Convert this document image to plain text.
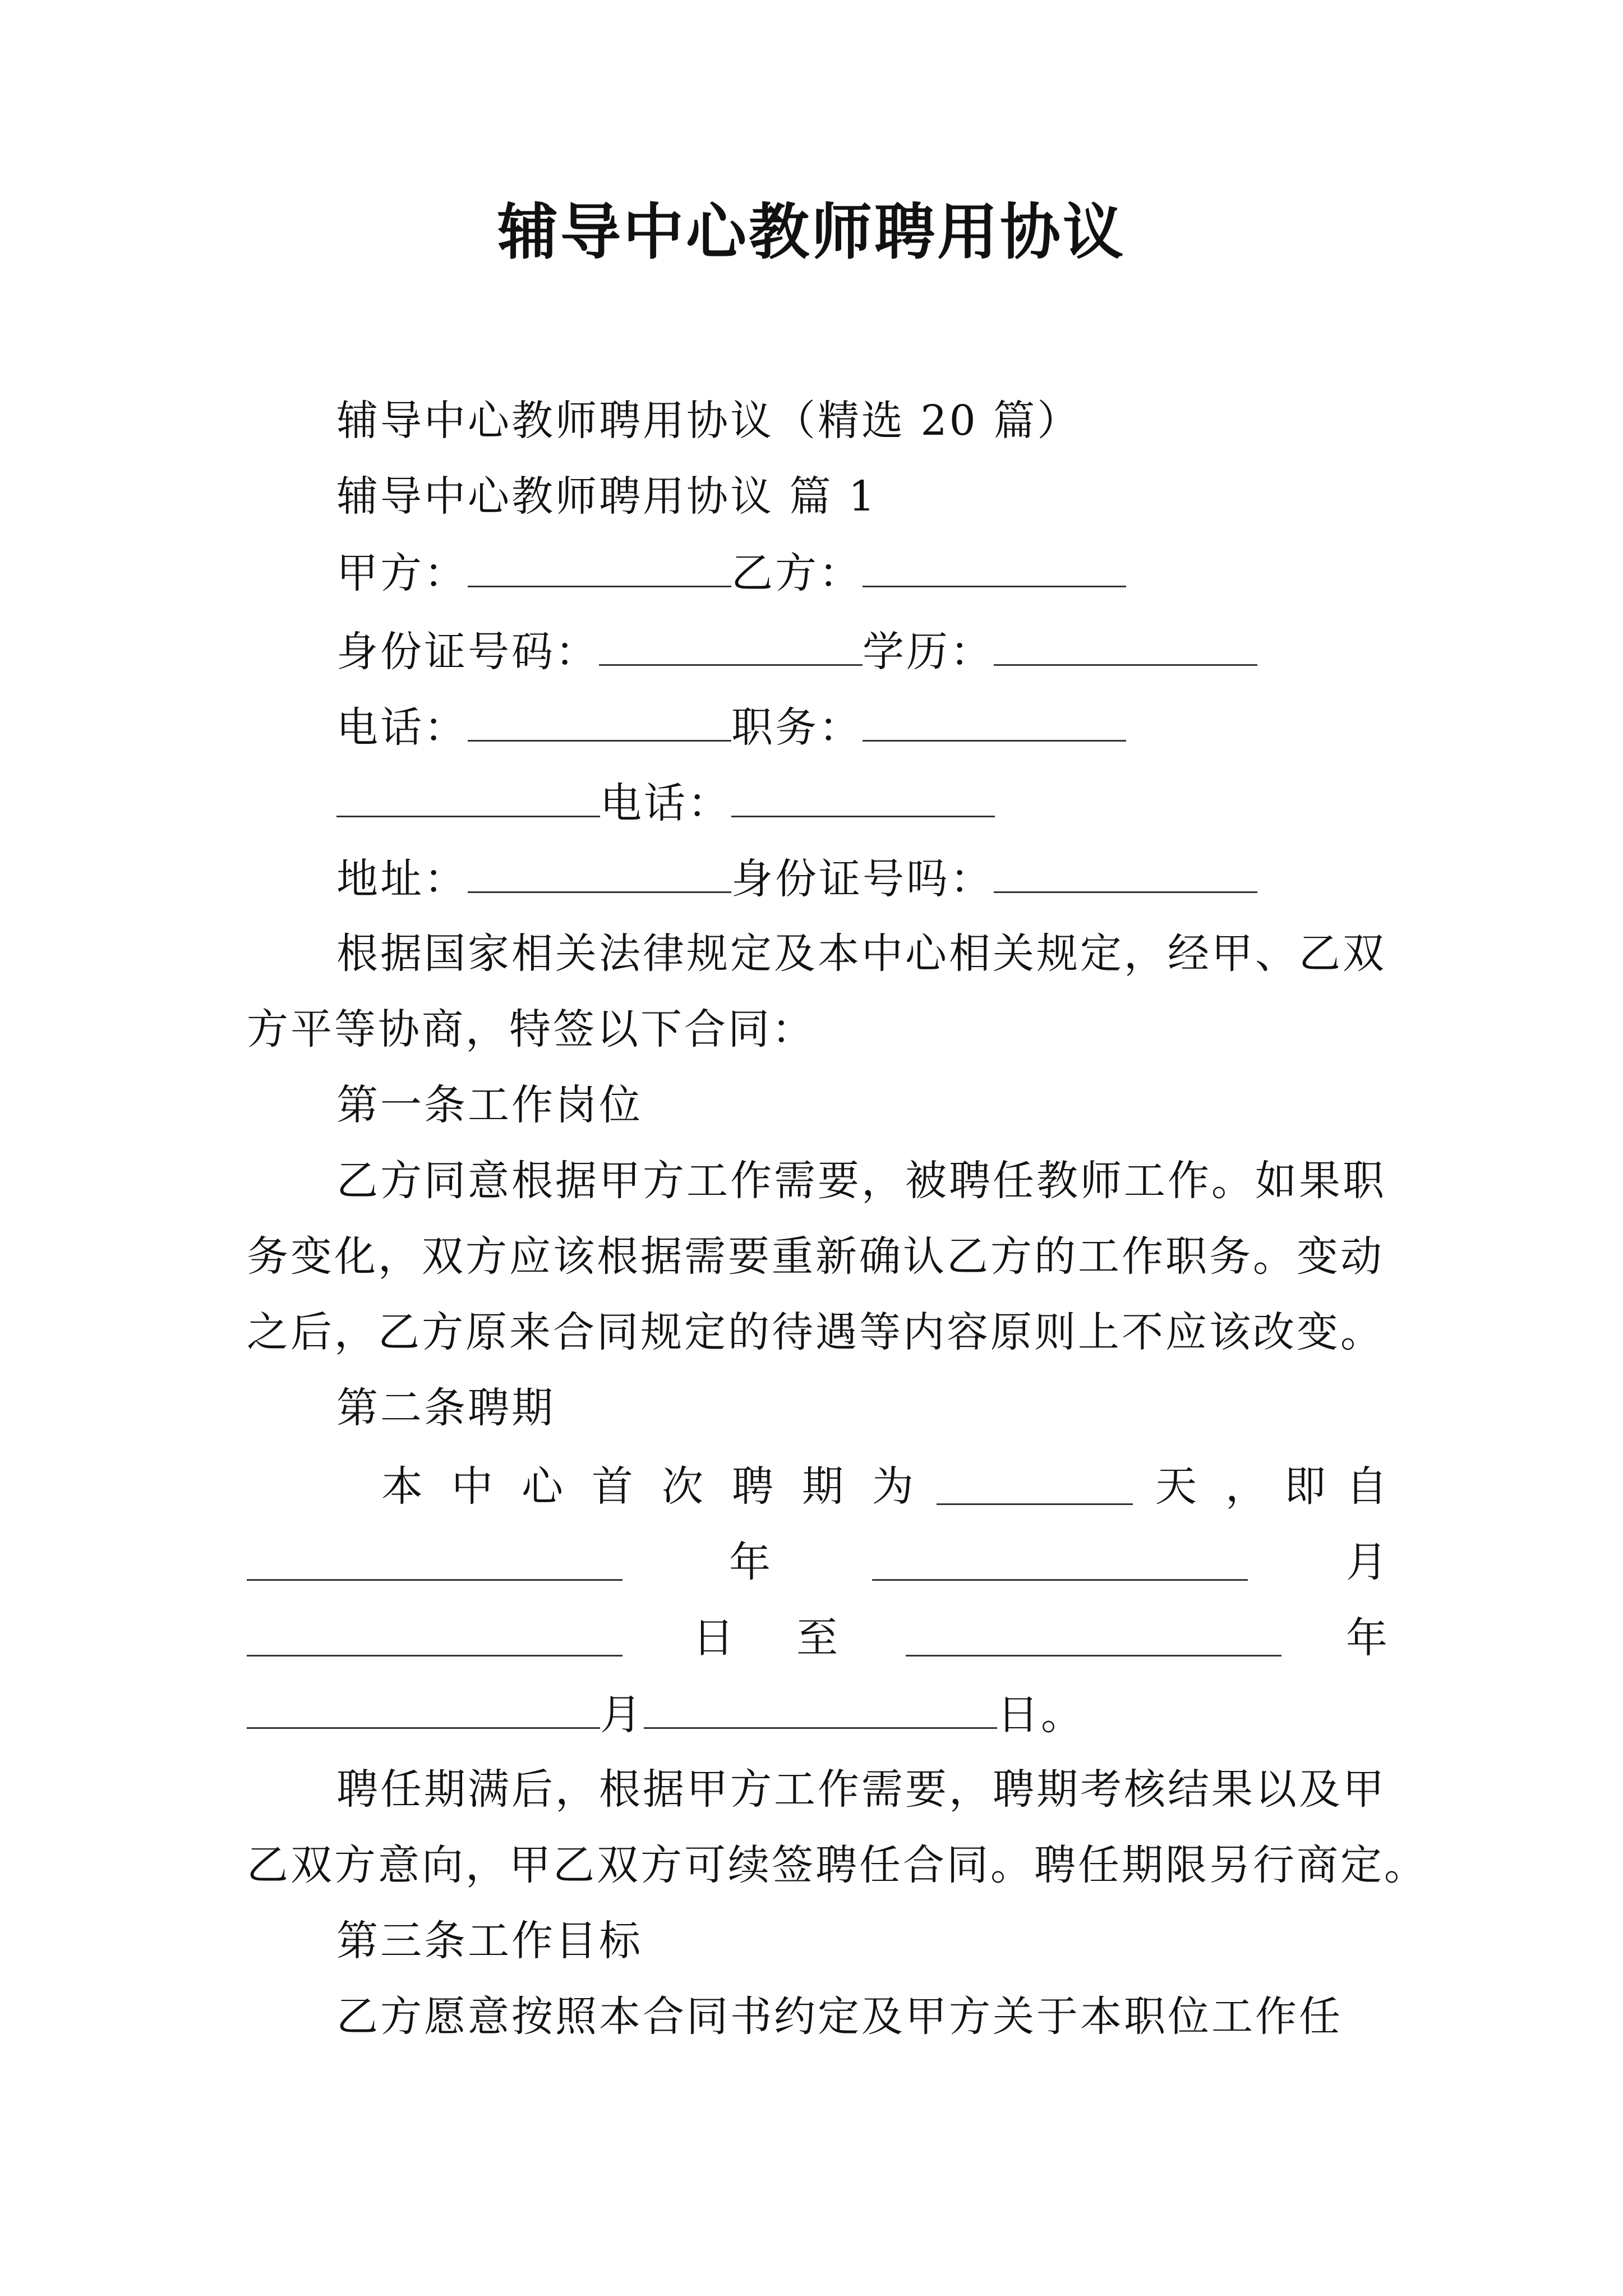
辅导中心教师聘用协议
辅导中心教师聘用协议（精选 20 篇）
辅导中心教师聘用协议 篇 1
甲方：	乙方：
身份证号码：	学历：
电话：	职务：
电话：
地址：	身份证号吗：
根据国家相关法律规定及本中心相关规定，经甲、乙双
方平等协商，特签以下合同：
第一条工作岗位
乙方同意根据甲方工作需要，被聘任教师工作。如果职
务变化，双方应该根据需要重新确认乙方的工作职务。变动
之后，乙方原来合同规定的待遇等内容原则上不应该改变。
第二条聘期
本 中 心 首 次 聘 期 为	天 ， 即 自
年	月
日 至	年
月	日。
聘任期满后，根据甲方工作需要，聘期考核结果以及甲
乙双方意向，甲乙双方可续签聘任合同。聘任期限另行商定。
第三条工作目标
乙方愿意按照本合同书约定及甲方关于本职位工作任
